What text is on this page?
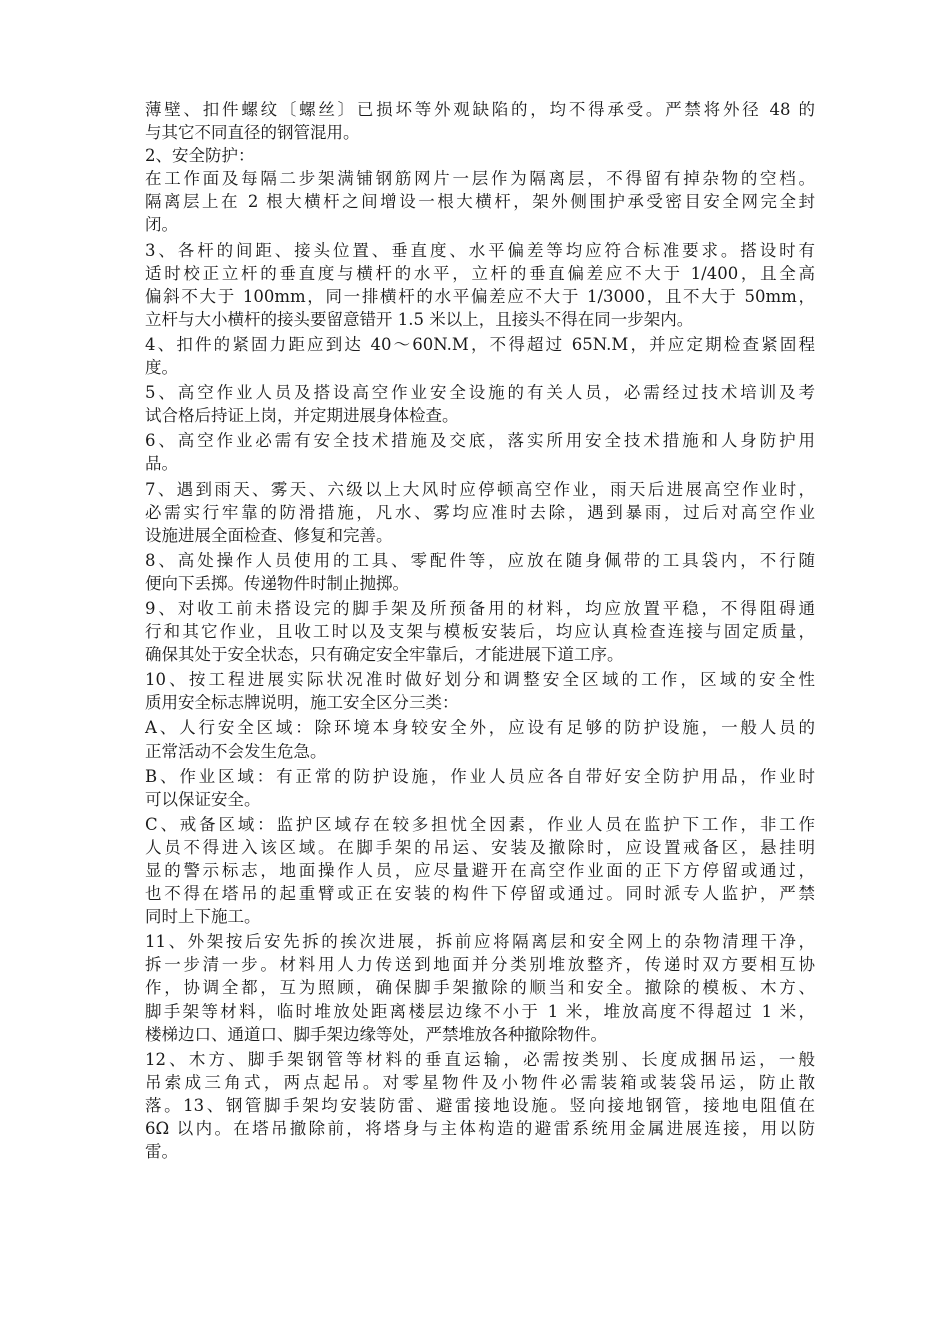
薄壁、扣件螺纹〔螺丝〕已损坏等外观缺陷的，均不得承受。严禁将外径 48 的
与其它不同直径的钢管混用。
2、安全防护：
在工作面及每隔二步架满铺钢筋网片一层作为隔离层，不得留有掉杂物的空档。
隔离层上在 2 根大横杆之间增设一根大横杆，架外侧围护承受密目安全网完全封
闭。
3、各杆的间距、接头位置、垂直度、水平偏差等均应符合标准要求。搭设时有
适时校正立杆的垂直度与横杆的水平，立杆的垂直偏差应不大于 1/400，且全高
偏斜不大于 100mm，同一排横杆的水平偏差应不大于 1/3000，且不大于 50mm，
立杆与大小横杆的接头要留意错开 1.5 米以上，且接头不得在同一步架内。
4、扣件的紧固力距应到达 40～60N.M，不得超过 65N.M，并应定期检查紧固程
度。
5、高空作业人员及搭设高空作业安全设施的有关人员，必需经过技术培训及考
试合格后持证上岗，并定期进展身体检查。
6、高空作业必需有安全技术措施及交底，落实所用安全技术措施和人身防护用
品。
7、遇到雨天、雾天、六级以上大风时应停顿高空作业，雨天后进展高空作业时，
必需实行牢靠的防滑措施，凡水、雾均应准时去除，遇到暴雨，过后对高空作业
设施进展全面检查、修复和完善。
8、高处操作人员使用的工具、零配件等，应放在随身佩带的工具袋内，不行随
便向下丢掷。传递物件时制止抛掷。
9、对收工前未搭设完的脚手架及所预备用的材料，均应放置平稳，不得阻碍通
行和其它作业，且收工时以及支架与模板安装后，均应认真检查连接与固定质量，
确保其处于安全状态，只有确定安全牢靠后，才能进展下道工序。
10、按工程进展实际状况准时做好划分和调整安全区域的工作，区域的安全性
质用安全标志牌说明，施工安全区分三类：
A、人行安全区域：除环境本身较安全外，应设有足够的防护设施，一般人员的
正常活动不会发生危急。
B、作业区域：有正常的防护设施，作业人员应各自带好安全防护用品，作业时
可以保证安全。
C、戒备区域：监护区域存在较多担忧全因素，作业人员在监护下工作，非工作
人员不得进入该区域。在脚手架的吊运、安装及撤除时，应设置戒备区，悬挂明
显的警示标志，地面操作人员，应尽量避开在高空作业面的正下方停留或通过，
也不得在塔吊的起重臂或正在安装的构件下停留或通过。同时派专人监护，严禁
同时上下施工。
11、外架按后安先拆的挨次进展，拆前应将隔离层和安全网上的杂物清理干净，
拆一步清一步。材料用人力传送到地面并分类别堆放整齐，传递时双方要相互协
作，协调全都，互为照顾，确保脚手架撤除的顺当和安全。撤除的模板、木方、
脚手架等材料，临时堆放处距离楼层边缘不小于 1 米，堆放高度不得超过 1 米，
楼梯边口、通道口、脚手架边缘等处，严禁堆放各种撤除物件。
12、木方、脚手架钢管等材料的垂直运输，必需按类别、长度成捆吊运，一般
吊索成三角式，两点起吊。对零星物件及小物件必需装箱或装袋吊运，防止散
落。13、钢管脚手架均安装防雷、避雷接地设施。竖向接地钢管，接地电阻值在
6Ω 以内。在塔吊撤除前，将塔身与主体构造的避雷系统用金属进展连接，用以防
雷。
